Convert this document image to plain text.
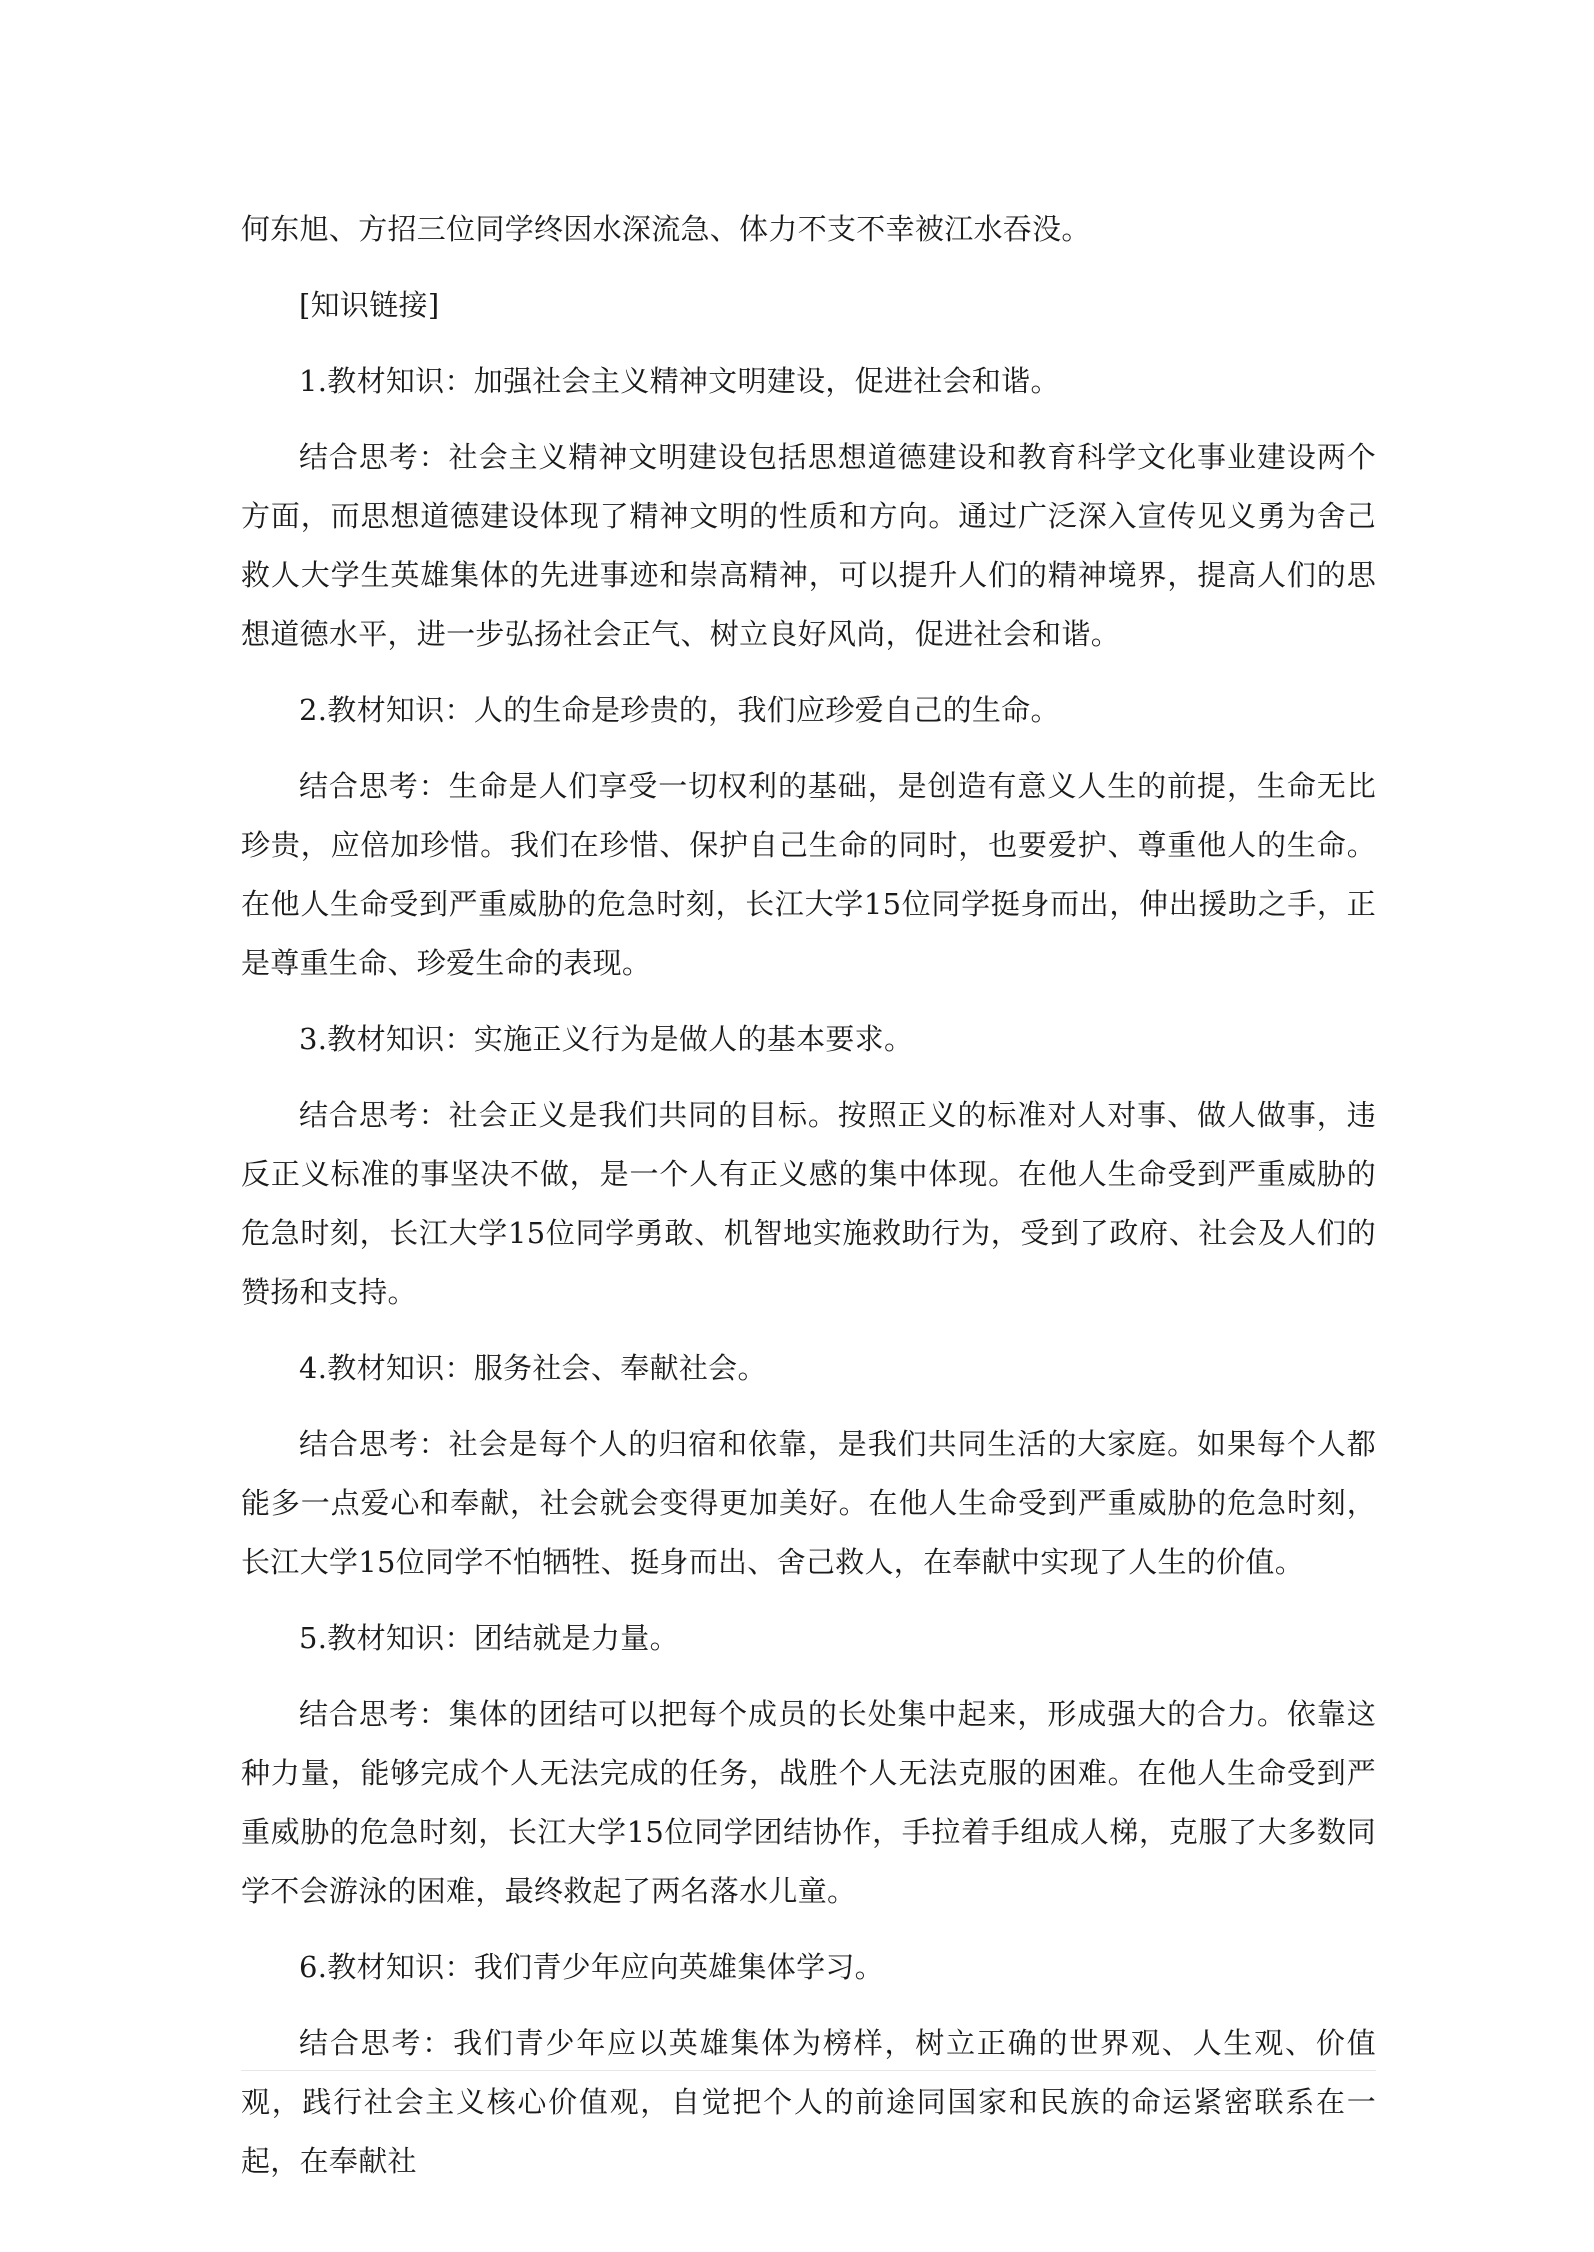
何东旭、方招三位同学终因水深流急、体力不支不幸被江水吞没。

[知识链接]

1.教材知识：加强社会主义精神文明建设，促进社会和谐。

结合思考：社会主义精神文明建设包括思想道德建设和教育科学文化事业建设两个方面，而思想道德建设体现了精神文明的性质和方向。通过广泛深入宣传见义勇为舍己救人大学生英雄集体的先进事迹和崇高精神，可以提升人们的精神境界，提高人们的思想道德水平，进一步弘扬社会正气、树立良好风尚，促进社会和谐。

2.教材知识：人的生命是珍贵的，我们应珍爱自己的生命。

结合思考：生命是人们享受一切权利的基础，是创造有意义人生的前提，生命无比珍贵，应倍加珍惜。我们在珍惜、保护自己生命的同时，也要爱护、尊重他人的生命。在他人生命受到严重威胁的危急时刻，长江大学15位同学挺身而出，伸出援助之手，正是尊重生命、珍爱生命的表现。

3.教材知识：实施正义行为是做人的基本要求。

结合思考：社会正义是我们共同的目标。按照正义的标准对人对事、做人做事，违反正义标准的事坚决不做，是一个人有正义感的集中体现。在他人生命受到严重威胁的危急时刻，长江大学15位同学勇敢、机智地实施救助行为，受到了政府、社会及人们的赞扬和支持。

4.教材知识：服务社会、奉献社会。

结合思考：社会是每个人的归宿和依靠，是我们共同生活的大家庭。如果每个人都能多一点爱心和奉献，社会就会变得更加美好。在他人生命受到严重威胁的危急时刻，长江大学15位同学不怕牺牲、挺身而出、舍己救人，在奉献中实现了人生的价值。

5.教材知识：团结就是力量。

结合思考：集体的团结可以把每个成员的长处集中起来，形成强大的合力。依靠这种力量，能够完成个人无法完成的任务，战胜个人无法克服的困难。在他人生命受到严重威胁的危急时刻，长江大学15位同学团结协作，手拉着手组成人梯，克服了大多数同学不会游泳的困难，最终救起了两名落水儿童。

6.教材知识：我们青少年应向英雄集体学习。

结合思考：我们青少年应以英雄集体为榜样，树立正确的世界观、人生观、价值观，践行社会主义核心价值观，自觉把个人的前途同国家和民族的命运紧密联系在一起，在奉献社
